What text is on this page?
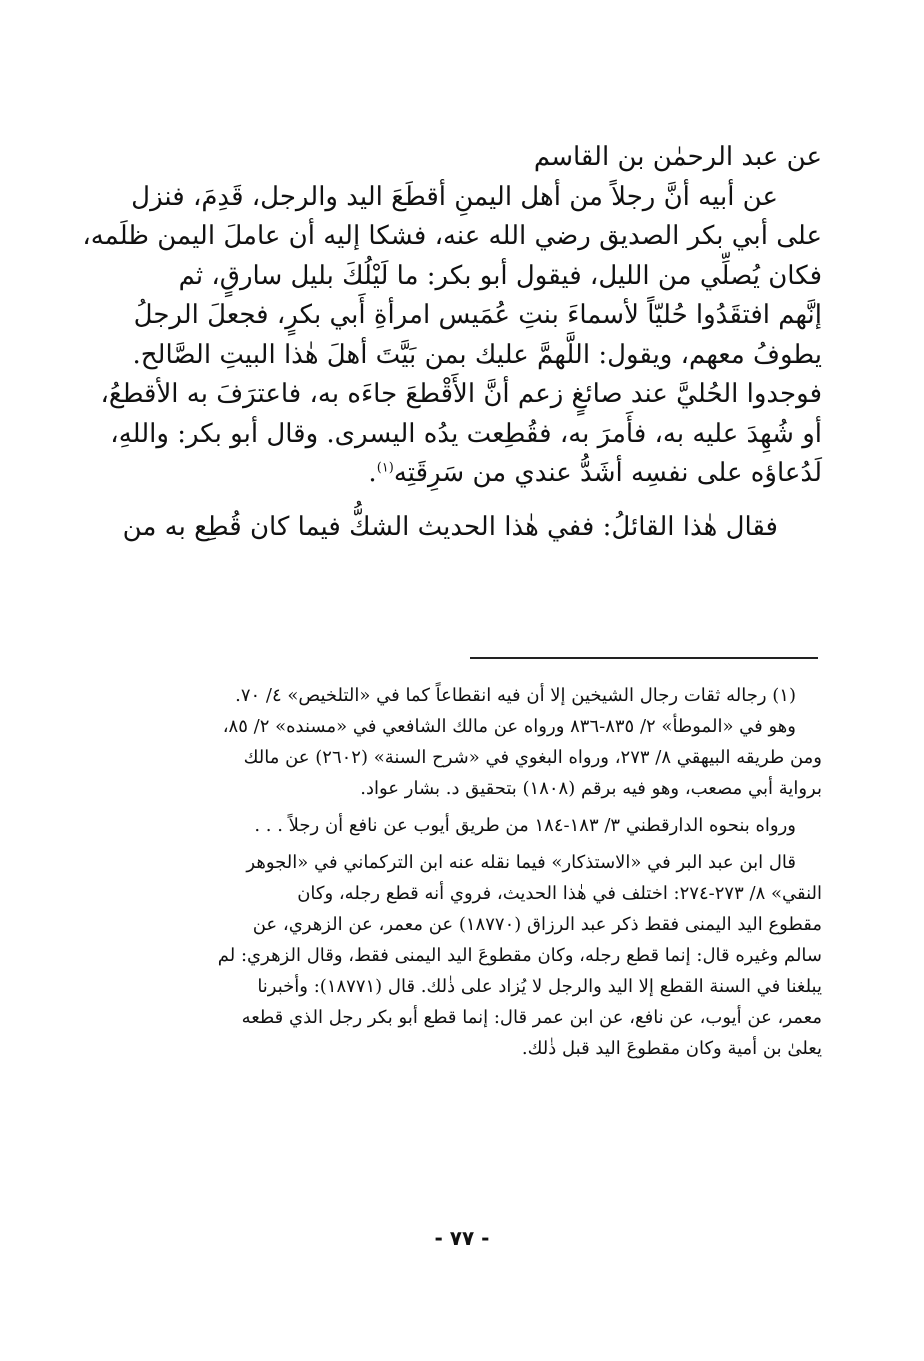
عن عبد الرحمٰن بن القاسم
عن أبيه أنَّ رجلاً من أهل اليمنِ أقطَعَ اليد والرجل، قَدِمَ، فنزل
على أبي بكر الصديق رضي الله عنه، فشكا إليه أن عاملَ اليمن ظلَمه،
فكان يُصلِّي من الليل، فيقول أبو بكر: ما لَيْلُكَ بليل سارقٍ، ثم
إنَّهم افتقَدُوا حُليّاً لأسماءَ بنتِ عُمَيس امرأةِ أَبي بكرٍ، فجعلَ الرجلُ
يطوفُ معهم، ويقول: اللَّهمَّ عليك بمن بَيَّتَ أهلَ هٰذا البيتِ الصَّالح.
فوجدوا الحُليَّ عند صائغٍ زعم أنَّ الأَقْطعَ جاءَه به، فاعترَفَ به الأقطعُ،
أو شُهِدَ عليه به، فأَمرَ به، فقُطِعت يدُه اليسرى. وقال أبو بكر: واللهِ،
لَدُعاؤه على نفسِه أشَدُّ عندي من سَرِقَتِه$^{(١)}$.
فقال هٰذا القائلُ: ففي هٰذا الحديث الشكُّ فيما كان قُطِع به من
(١) رجاله ثقات رجال الشيخين إلا أن فيه انقطاعاً كما في «التلخيص» ٤/ ٧٠.
وهو في «الموطأ» ٢/ ٨٣٥-٨٣٦ ورواه عن مالك الشافعي في «مسنده» ٢/ ٨٥،
ومن طريقه البيهقي ٨/ ٢٧٣، ورواه البغوي في «شرح السنة» (٢٦٠٢) عن مالك
برواية أبي مصعب، وهو فيه برقم (١٨٠٨) بتحقيق د. بشار عواد.
ورواه بنحوه الدارقطني ٣/ ١٨٣-١٨٤ من طريق أيوب عن نافع أن رجلاً . . .
قال ابن عبد البر في «الاستذكار» فيما نقله عنه ابن التركماني في «الجوهر
النقي» ٨/ ٢٧٣-٢٧٤: اختلف في هٰذا الحديث، فروي أنه قطع رجله، وكان
مقطوع اليد اليمنى فقط ذكر عبد الرزاق (١٨٧٧٠) عن معمر، عن الزهري، عن
سالم وغيره قال: إنما قطع رجله، وكان مقطوعَ اليد اليمنى فقط، وقال الزهري: لم
يبلغنا في السنة القطع إلا اليد والرجل لا يُزاد على ذٰلك. قال (١٨٧٧١): وأخبرنا
معمر، عن أيوب، عن نافع، عن ابن عمر قال: إنما قطع أبو بكر رجل الذي قطعه
يعلىٰ بن أمية وكان مقطوعَ اليد قبل ذٰلك.
- ٧٧ -
